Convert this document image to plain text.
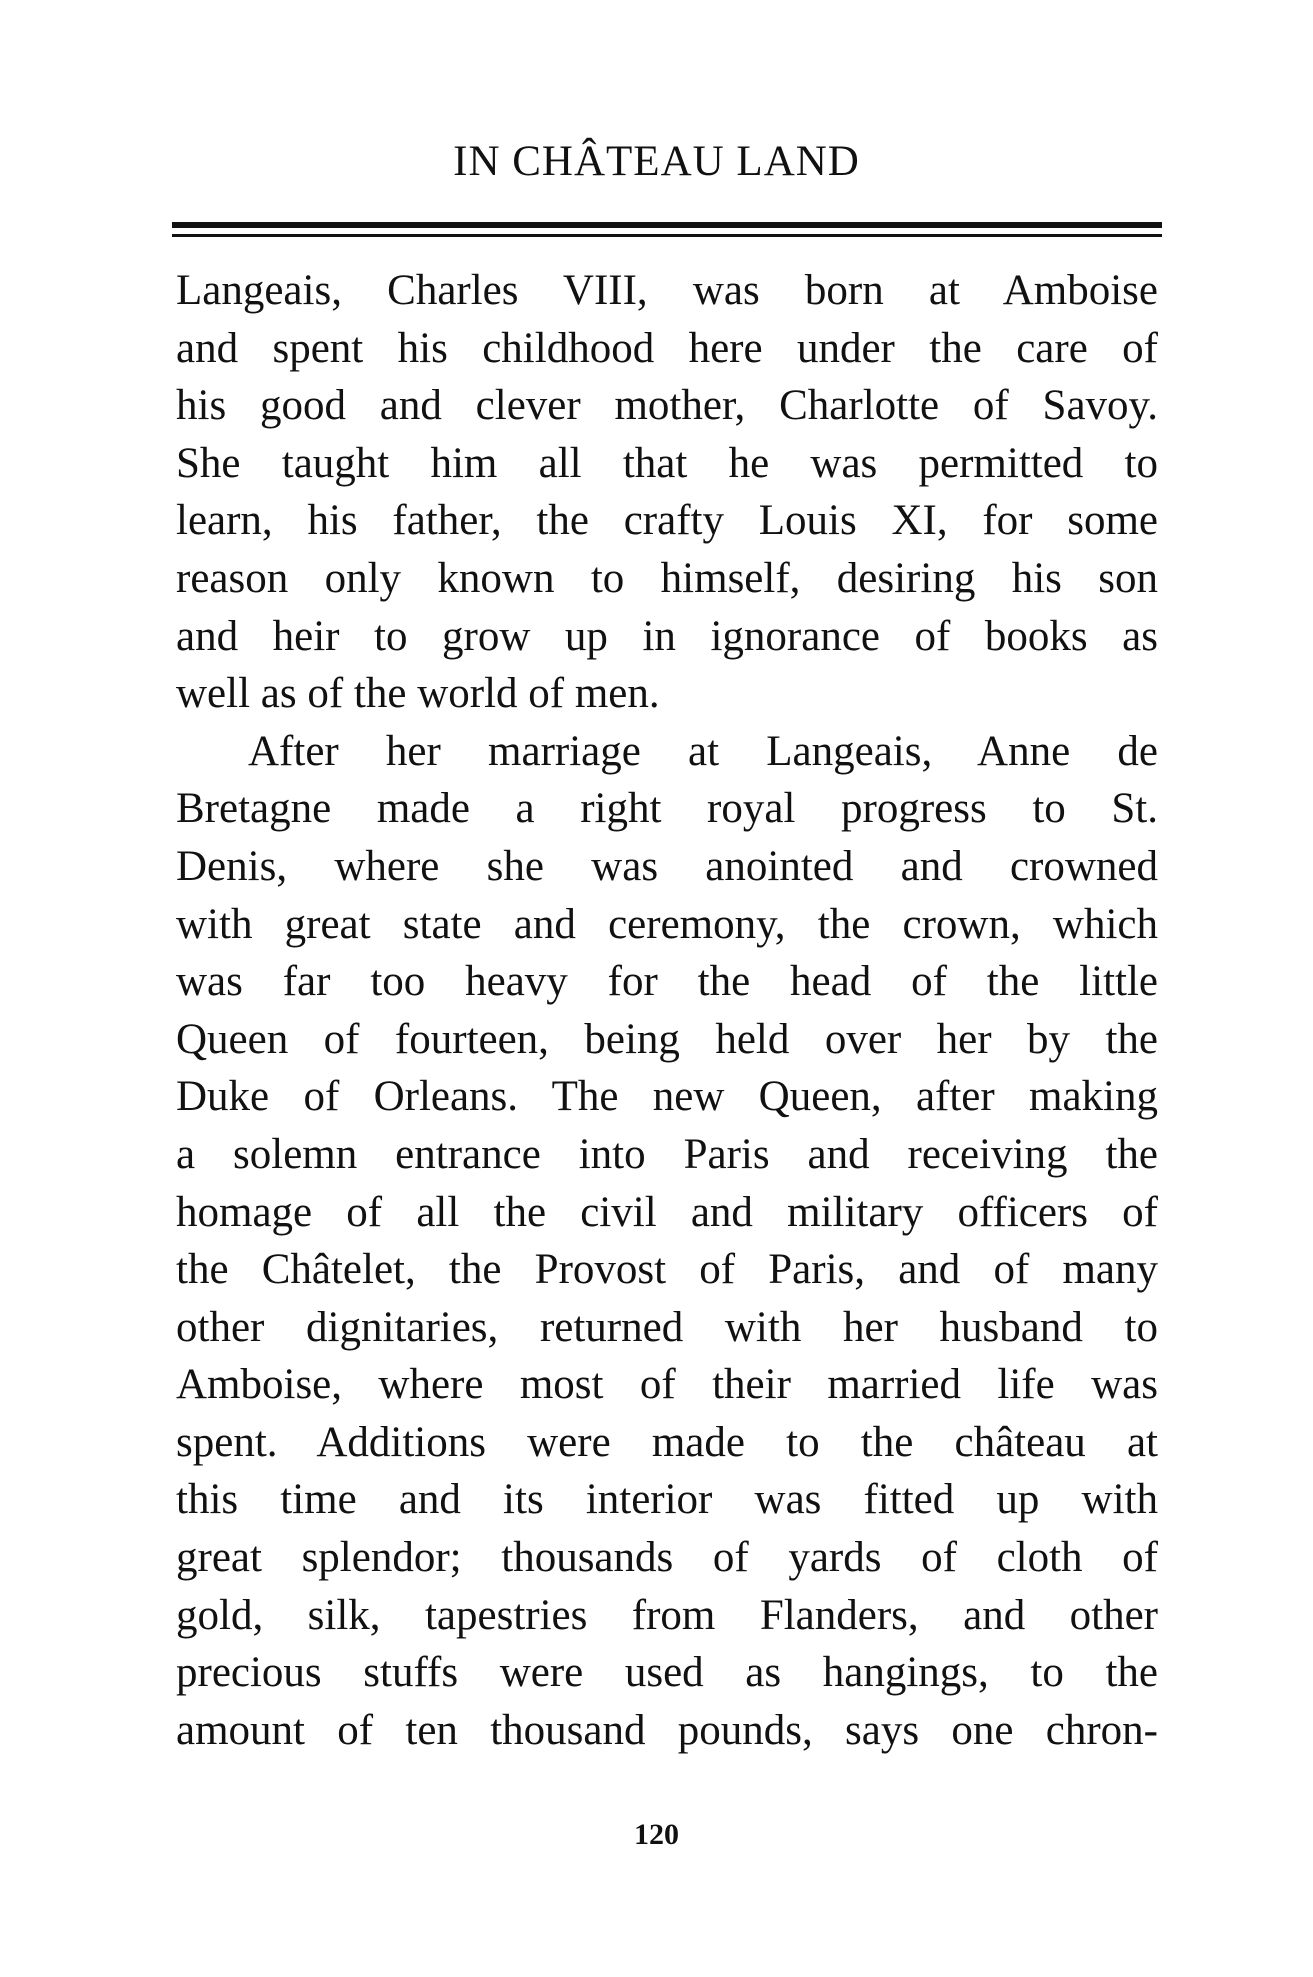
IN CHÂTEAU LAND
Langeais, Charles VIII, was born at Amboise
and spent his childhood here under the care of
his good and clever mother, Charlotte of Savoy.
She taught him all that he was permitted to
learn, his father, the crafty Louis XI, for some
reason only known to himself, desiring his son
and heir to grow up in ignorance of books as
well as of the world of men.
After her marriage at Langeais, Anne de
Bretagne made a right royal progress to St.
Denis, where she was anointed and crowned
with great state and ceremony, the crown, which
was far too heavy for the head of the little
Queen of fourteen, being held over her by the
Duke of Orleans. The new Queen, after making
a solemn entrance into Paris and receiving the
homage of all the civil and military officers of
the Châtelet, the Provost of Paris, and of many
other dignitaries, returned with her husband to
Amboise, where most of their married life was
spent. Additions were made to the château at
this time and its interior was fitted up with
great splendor; thousands of yards of cloth of
gold, silk, tapestries from Flanders, and other
precious stuffs were used as hangings, to the
amount of ten thousand pounds, says one chron-
120
